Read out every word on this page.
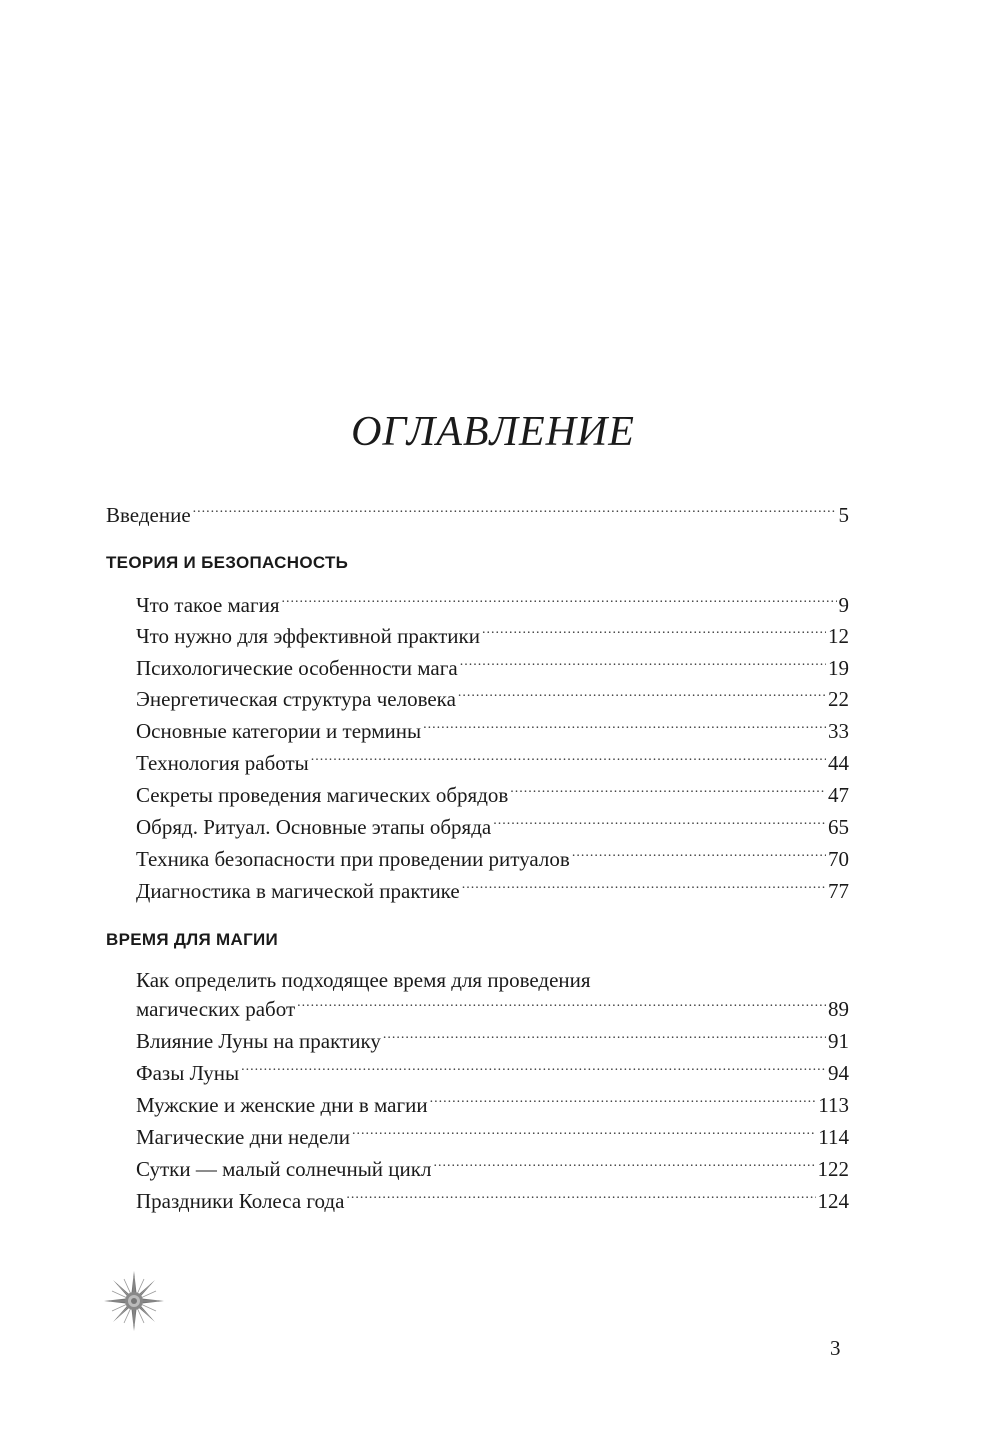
ОГЛАВЛЕНИЕ
Введение .....	5
ТЕОРИЯ И БЕЗОПАСНОСТЬ
Что такое магия .....	9
Что нужно для эффективной практики .....	12
Психологические особенности мага .....	19
Энергетическая структура человека .....	22
Основные категории и термины .....	33
Технология работы .....	44
Секреты проведения магических обрядов .....	47
Обряд. Ритуал. Основные этапы обряда .....	65
Техника безопасности при проведении ритуалов .....	70
Диагностика в магической практике .....	77
ВРЕМЯ ДЛЯ МАГИИ
Как определить подходящее время для проведения
магических работ .....	89
Влияние Луны на практику .....	91
Фазы Луны .....	94
Мужские и женские дни в магии .....	113
Магические дни недели .....	114
Сутки — малый солнечный цикл .....	122
Праздники Колеса года .....	124
3
